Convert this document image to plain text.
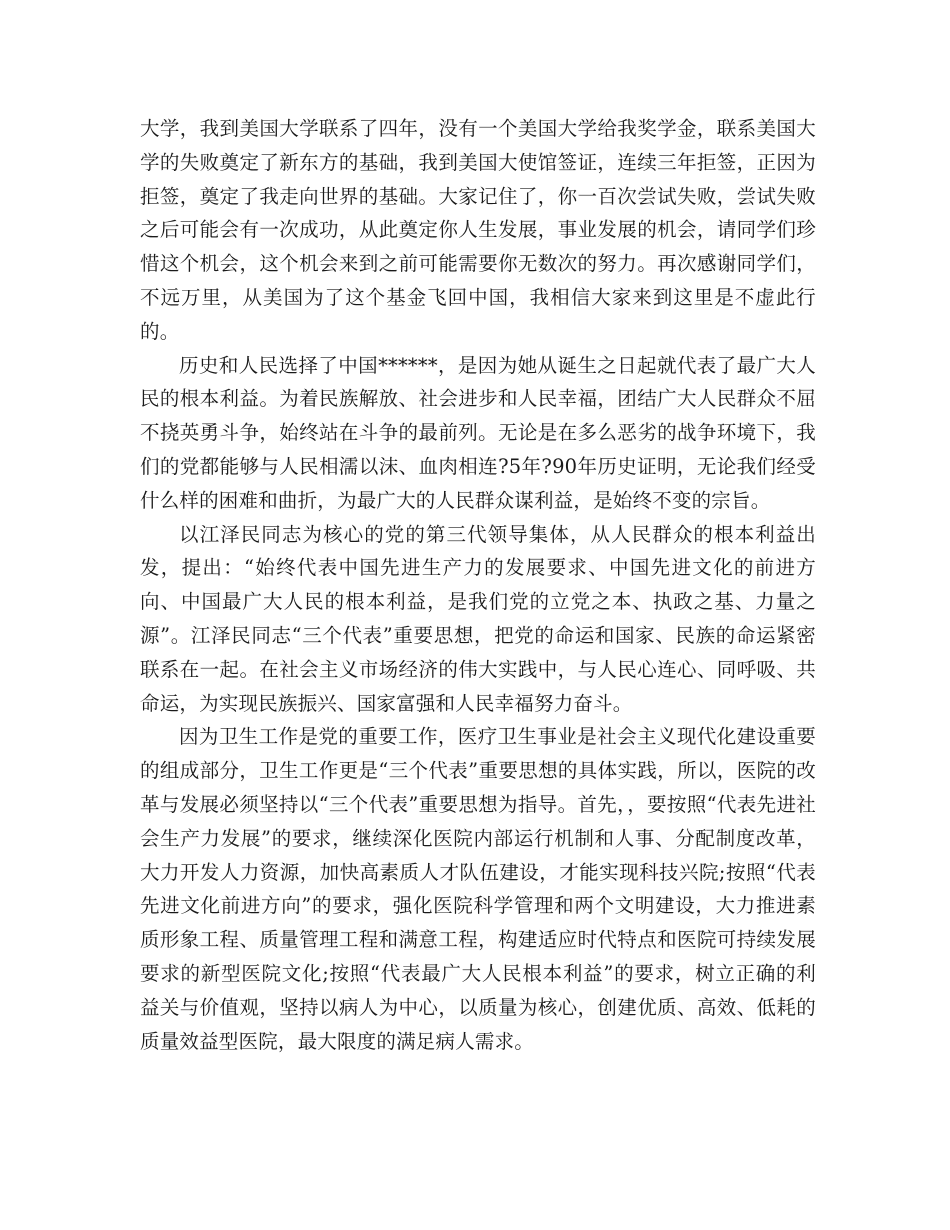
大学，我到美国大学联系了四年，没有一个美国大学给我奖学金，联系美国大学的失败奠定了新东方的基础，我到美国大使馆签证，连续三年拒签，正因为拒签，奠定了我走向世界的基础。大家记住了，你一百次尝试失败，尝试失败之后可能会有一次成功，从此奠定你人生发展，事业发展的机会，请同学们珍惜这个机会，这个机会来到之前可能需要你无数次的努力。再次感谢同学们，不远万里，从美国为了这个基金飞回中国，我相信大家来到这里是不虚此行的。

历史和人民选择了中国******，是因为她从诞生之日起就代表了最广大人民的根本利益。为着民族解放、社会进步和人民幸福，团结广大人民群众不屈不挠英勇斗争，始终站在斗争的最前列。无论是在多么恶劣的战争环境下，我们的党都能够与人民相濡以沫、血肉相连?5年?90年历史证明，无论我们经受什么样的困难和曲折，为最广大的人民群众谋利益，是始终不变的宗旨。

以江泽民同志为核心的党的第三代领导集体，从人民群众的根本利益出发，提出：“始终代表中国先进生产力的发展要求、中国先进文化的前进方向、中国最广大人民的根本利益，是我们党的立党之本、执政之基、力量之源”。江泽民同志“三个代表”重要思想，把党的命运和国家、民族的命运紧密联系在一起。在社会主义市场经济的伟大实践中，与人民心连心、同呼吸、共命运，为实现民族振兴、国家富强和人民幸福努力奋斗。

因为卫生工作是党的重要工作，医疗卫生事业是社会主义现代化建设重要的组成部分，卫生工作更是“三个代表”重要思想的具体实践，所以，医院的改革与发展必须坚持以“三个代表”重要思想为指导。首先，，要按照“代表先进社会生产力发展”的要求，继续深化医院内部运行机制和人事、分配制度改革，大力开发人力资源，加快高素质人才队伍建设，才能实现科技兴院;按照“代表先进文化前进方向”的要求，强化医院科学管理和两个文明建设，大力推进素质形象工程、质量管理工程和满意工程，构建适应时代特点和医院可持续发展要求的新型医院文化;按照“代表最广大人民根本利益”的要求，树立正确的利益关与价值观，坚持以病人为中心，以质量为核心，创建优质、高效、低耗的质量效益型医院，最大限度的满足病人需求。
